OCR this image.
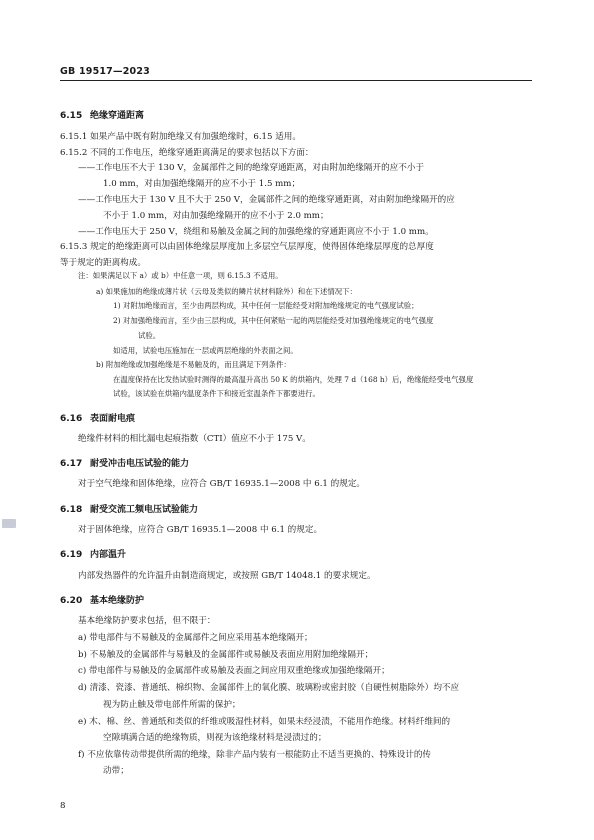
GB 19517—2023
6.15 绝缘穿通距离
6.15.1 如果产品中既有附加绝缘又有加强绝缘时，6.15 适用。
6.15.2 不同的工作电压，绝缘穿通距离满足的要求包括以下方面：
——工作电压不大于 130 V，金属部件之间的绝缘穿通距离，对由附加绝缘隔开的应不小于
1.0 mm，对由加强绝缘隔开的应不小于 1.5 mm；
——工作电压大于 130 V 且不大于 250 V，金属部件之间的绝缘穿通距离，对由附加绝缘隔开的应
不小于 1.0 mm，对由加强绝缘隔开的应不小于 2.0 mm；
——工作电压大于 250 V，绕组和易触及金属之间的加强绝缘的穿通距离应不小于 1.0 mm。
6.15.3 规定的绝缘距离可以由固体绝缘层厚度加上多层空气层厚度，使得固体绝缘层厚度的总厚度
等于规定的距离构成。
注：如果满足以下 a）或 b）中任意一项，则 6.15.3 不适用。
a) 如果施加的绝缘成薄片状（云母及类似的鳞片状材料除外）和在下述情况下：
1) 对附加绝缘而言，至少由两层构成，其中任何一层能经受对附加绝缘规定的电气强度试验；
2) 对加强绝缘而言，至少由三层构成，其中任何紧贴一起的两层能经受对加强绝缘规定的电气强度
试验。
如适用，试验电压施加在一层或两层绝缘的外表面之间。
b) 附加绝缘或加强绝缘是不易触及的，而且满足下列条件：
在温度保持在比发热试验时测得的最高温升高出 50 K 的烘箱内，处理 7 d（168 h）后，绝缘能经受电气强度
试验，该试验在烘箱内温度条件下和接近室温条件下都要进行。
6.16 表面耐电痕
绝缘件材料的相比漏电起痕指数（CTI）值应不小于 175 V。
6.17 耐受冲击电压试验的能力
对于空气绝缘和固体绝缘，应符合 GB/T 16935.1—2008 中 6.1 的规定。
6.18 耐受交流工频电压试验能力
对于固体绝缘，应符合 GB/T 16935.1—2008 中 6.1 的规定。
6.19 内部温升
内部发热器件的允许温升由制造商规定，或按照 GB/T 14048.1 的要求规定。
6.20 基本绝缘防护
基本绝缘防护要求包括，但不限于：
a) 带电部件与不易触及的金属部件之间应采用基本绝缘隔开；
b) 不易触及的金属部件与易触及的金属部件或易触及表面应用附加绝缘隔开；
c) 带电部件与易触及的金属部件或易触及表面之间应用双重绝缘或加强绝缘隔开；
d) 清漆、瓷漆、普通纸、棉织物、金属部件上的氧化膜、玻璃粉或密封胶（自硬性树脂除外）均不应
视为防止触及带电部件所需的保护；
e) 木、棉、丝、普通纸和类似的纤维或吸湿性材料，如果未经浸渍，不能用作绝缘。材料纤维间的
空隙填满合适的绝缘物质，则视为该绝缘材料是浸渍过的；
f) 不应依靠传动带提供所需的绝缘，除非产品内装有一根能防止不适当更换的、特殊设计的传
动带；
8
